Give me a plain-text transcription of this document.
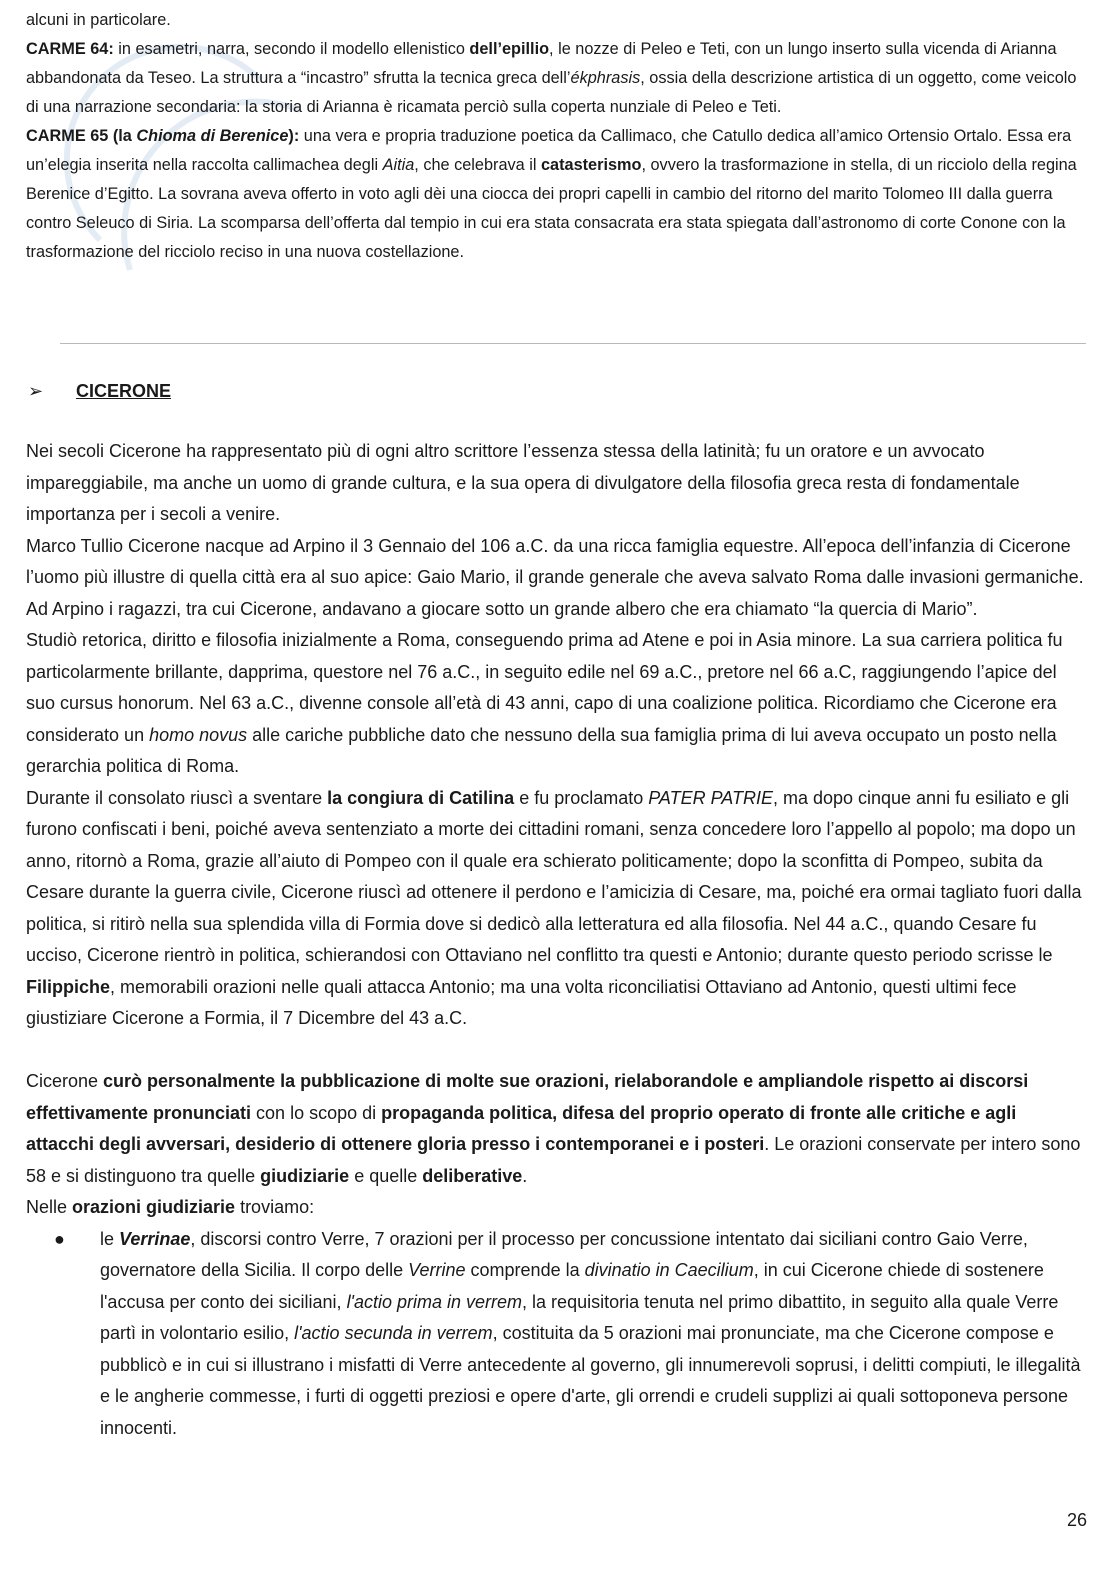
alcuni in particolare.

CARME 64: in esametri, narra, secondo il modello ellenistico dell’epillio, le nozze di Peleo e Teti, con un lungo inserto sulla vicenda di Arianna abbandonata da Teseo. La struttura a “incastro” sfrutta la tecnica greca dell’ékphrasis, ossia della descrizione artistica di un oggetto, come veicolo di una narrazione secondaria: la storia di Arianna è ricamata perciò sulla coperta nunziale di Peleo e Teti.

CARME 65 (la Chioma di Berenice): una vera e propria traduzione poetica da Callimaco, che Catullo dedica all’amico Ortensio Ortalo. Essa era un’elegia inserita nella raccolta callimachea degli Aitia, che celebrava il catasterismo, ovvero la trasformazione in stella, di un ricciolo della regina Berenice d’Egitto. La sovrana aveva offerto in voto agli dèi una ciocca dei propri capelli in cambio del ritorno del marito Tolomeo III dalla guerra contro Seleuco di Siria. La scomparsa dell’offerta dal tempio in cui era stata consacrata era stata spiegata dall’astronomo di corte Conone con la trasformazione del ricciolo reciso in una nuova costellazione.

➢ CICERONE

Nei secoli Cicerone ha rappresentato più di ogni altro scrittore l’essenza stessa della latinità; fu un oratore e un avvocato impareggiabile, ma anche un uomo di grande cultura, e la sua opera di divulgatore della filosofia greca resta di fondamentale importanza per i secoli a venire.

Marco Tullio Cicerone nacque ad Arpino il 3 Gennaio del 106 a.C. da una ricca famiglia equestre. All’epoca dell’infanzia di Cicerone l’uomo più illustre di quella città era al suo apice: Gaio Mario, il grande generale che aveva salvato Roma dalle invasioni germaniche. Ad Arpino i ragazzi, tra cui Cicerone, andavano a giocare sotto un grande albero che era chiamato “la quercia di Mario”.

Studiò retorica, diritto e filosofia inizialmente a Roma, conseguendo prima ad Atene e poi in Asia minore. La sua carriera politica fu particolarmente brillante, dapprima, questore nel 76 a.C., in seguito edile nel 69 a.C., pretore nel 66 a.C, raggiungendo l’apice del suo cursus honorum. Nel 63 a.C., divenne console all’età di 43 anni, capo di una coalizione politica. Ricordiamo che Cicerone era considerato un homo novus alle cariche pubbliche dato che nessuno della sua famiglia prima di lui aveva occupato un posto nella gerarchia politica di Roma.

Durante il consolato riuscì a sventare la congiura di Catilina e fu proclamato PATER PATRIE, ma dopo cinque anni fu esiliato e gli furono confiscati i beni, poiché aveva sentenziato a morte dei cittadini romani, senza concedere loro l’appello al popolo; ma dopo un anno, ritornò a Roma, grazie all’aiuto di Pompeo con il quale era schierato politicamente; dopo la sconfitta di Pompeo, subita da Cesare durante la guerra civile, Cicerone riuscì ad ottenere il perdono e l’amicizia di Cesare, ma, poiché era ormai tagliato fuori dalla politica, si ritirò nella sua splendida villa di Formia dove si dedicò alla letteratura ed alla filosofia. Nel 44 a.C., quando Cesare fu ucciso, Cicerone rientrò in politica, schierandosi con Ottaviano nel conflitto tra questi e Antonio; durante questo periodo scrisse le Filippiche, memorabili orazioni nelle quali attacca Antonio; ma una volta riconciliatisi Ottaviano ad Antonio, questi ultimi fece giustiziare Cicerone a Formia, il 7 Dicembre del 43 a.C.

Cicerone curò personalmente la pubblicazione di molte sue orazioni, rielaborandole e ampliandole rispetto ai discorsi effettivamente pronunciati con lo scopo di propaganda politica, difesa del proprio operato di fronte alle critiche e agli attacchi degli avversari, desiderio di ottenere gloria presso i contemporanei e i posteri. Le orazioni conservate per intero sono 58 e si distinguono tra quelle giudiziarie e quelle deliberative.

Nelle orazioni giudiziarie troviamo:

● le Verrinae, discorsi contro Verre, 7 orazioni per il processo per concussione intentato dai siciliani contro Gaio Verre, governatore della Sicilia. Il corpo delle Verrine comprende la divinatio in Caecilium, in cui Cicerone chiede di sostenere l'accusa per conto dei siciliani, l'actio prima in verrem, la requisitoria tenuta nel primo dibattito, in seguito alla quale Verre partì in volontario esilio, l'actio secunda in verrem, costituita da 5 orazioni mai pronunciate, ma che Cicerone compose e pubblicò e in cui si illustrano i misfatti di Verre antecedente al governo, gli innumerevoli soprusi, i delitti compiuti, le illegalità e le angherie commesse, i furti di oggetti preziosi e opere d'arte, gli orrendi e crudeli supplizi ai quali sottoponeva persone innocenti.
26
